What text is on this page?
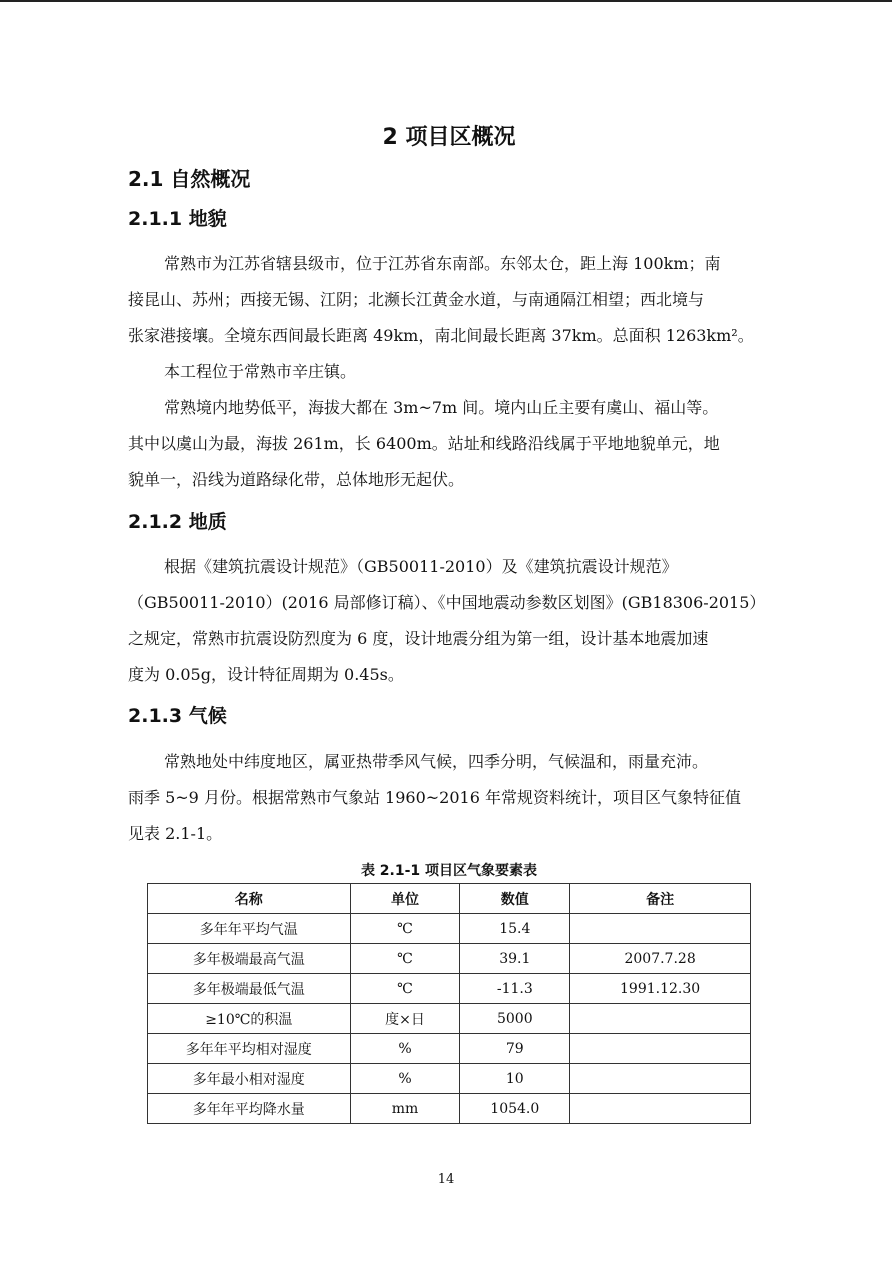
2 项目区概况
2.1 自然概况
2.1.1 地貌

常熟市为江苏省辖县级市，位于江苏省东南部。东邻太仓，距上海 100km；南
接昆山、苏州；西接无锡、江阴；北濒长江黄金水道，与南通隔江相望；西北境与
张家港接壤。全境东西间最长距离 49km，南北间最长距离 37km。总面积 1263km²。

本工程位于常熟市辛庄镇。

常熟境内地势低平，海拔大都在 3m~7m 间。境内山丘主要有虞山、福山等。
其中以虞山为最，海拔 261m，长 6400m。站址和线路沿线属于平地地貌单元，地
貌单一，沿线为道路绿化带，总体地形无起伏。

2.1.2 地质

根据《建筑抗震设计规范》（GB50011-2010）及《建筑抗震设计规范》
（GB50011-2010）(2016 局部修订稿）、《中国地震动参数区划图》(GB18306-2015）
之规定，常熟市抗震设防烈度为 6 度，设计地震分组为第一组，设计基本地震加速
度为 0.05g，设计特征周期为 0.45s。

2.1.3 气候

常熟地处中纬度地区，属亚热带季风气候，四季分明，气候温和，雨量充沛。
雨季 5~9 月份。根据常熟市气象站 1960~2016 年常规资料统计，项目区气象特征值
见表 2.1-1。

表 2.1-1 项目区气象要素表
名称	单位	数值	备注
多年年平均气温	℃	15.4	
多年极端最高气温	℃	39.1	2007.7.28
多年极端最低气温	℃	-11.3	1991.12.30
≥10℃的积温	度×日	5000	
多年年平均相对湿度	%	79	
多年最小相对湿度	%	10	
多年年平均降水量	mm	1054.0	
14
